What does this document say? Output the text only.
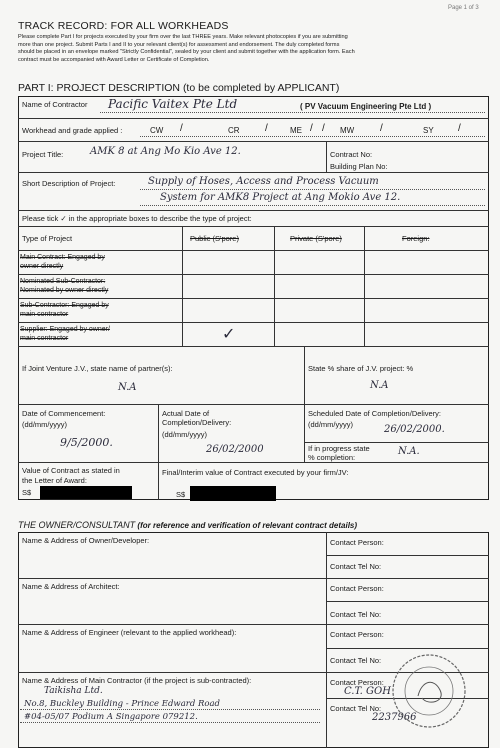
Page 1 of 3
TRACK RECORD: FOR ALL WORKHEADS
Please complete Part I for projects executed by your firm over the last THREE years. Make relevant photocopies if you are submitting
more than one project. Submit Parts I and II to your relevant client(s) for assessment and endorsement. The duly completed forms
should be placed in an envelope marked "Strictly Confidential", sealed by your client and submit together with the application form. Each
contract must be accompanied with Award Letter or Certificate of Completion.
PART I: PROJECT DESCRIPTION (to be completed by APPLICANT)
Name of Contractor Pacific Vaitex Pte Ltd	( PV Vacuum Engineering Pte Ltd )
Workhead and grade applied :	CW /	CR	/	ME / / MW	/	SY /
Project Title:	AMK 8 at Ang Mo Kio Ave 12.	Contract No:
Building Plan No:
Short Description of Project:	Supply of Hoses, Access and Process Vacuum
System for AMK8 Project at Ang Mokio Ave 12.
Please tick ✓ in the appropriate boxes to describe the type of project:
Type of Project	Public (S'pore)	Private (S'pore)	Foreign:
Main Contract: Engaged by
owner directly
Nominated Sub-Contractor:
Nominated by owner directly
Sub-Contractor: Engaged by
main contractor
Supplier: Engaged by owner/
main contractor	✓
If Joint Venture J.V., state name of partner(s):
N.A
State % share of J.V. project: %
N.A
Date of Commencement:
(dd/mm/yyyy)
9/5/2000.
Actual Date of
Completion/Delivery:
(dd/mm/yyyy)
26/02/2000
Scheduled Date of Completion/Delivery:
(dd/mm/yyyy)	26/02/2000.
If in progress state
% completion:
N.A.
Value of Contract as stated in
the Letter of Award:
S$
Final/Interim value of Contract executed by your firm/JV:
S$
THE OWNER/CONSULTANT (for reference and verification of relevant contract details)
Name & Address of Owner/Developer:	Contact Person:
Contact Tel No:
Name & Address of Architect:	Contact Person:
Contact Tel No:
Name & Address of Engineer (relevant to the applied workhead):	Contact Person:
Contact Tel No:
Name & Address of Main Contractor (if the project is sub-contracted):
Taikisha Ltd.
No.8, Buckley Building - Prince Edward Road
#04-05/07 Podium A Singapore 079212.
Contact Person:
C.T. GOH
Contact Tel No:
2237966
